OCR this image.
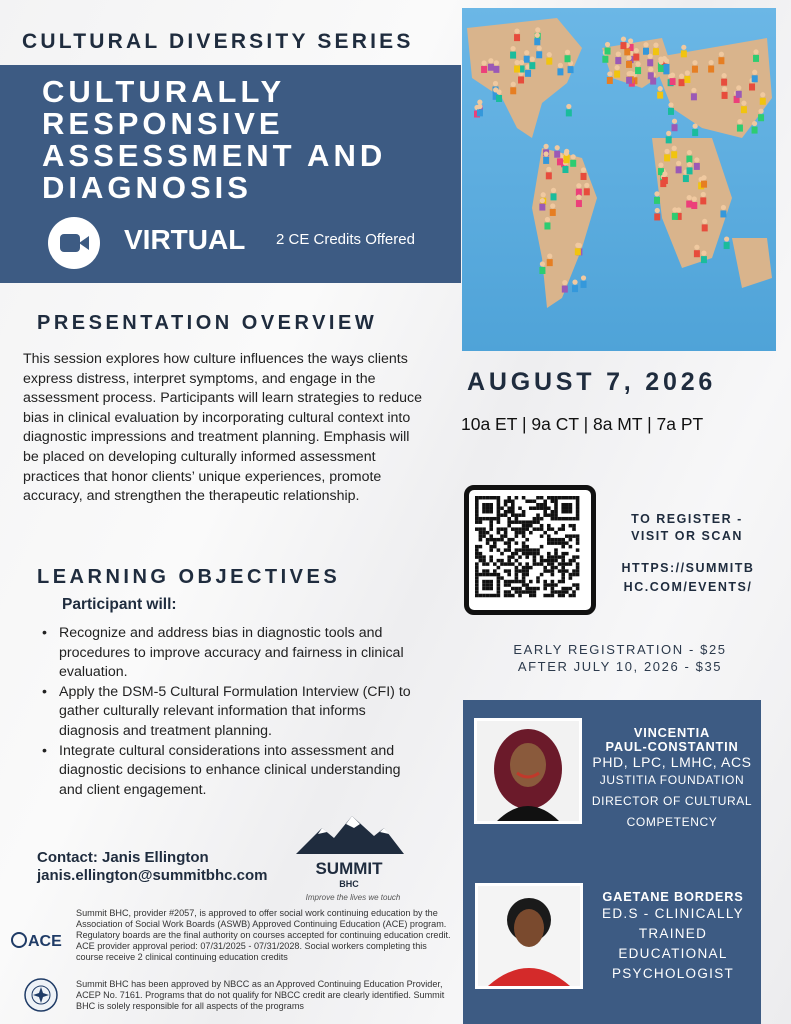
CULTURAL DIVERSITY SERIES
CULTURALLY
RESPONSIVE
ASSESSMENT AND
DIAGNOSIS
VIRTUAL 2 CE Credits Offered
PRESENTATION OVERVIEW
This session explores how culture influences the ways clients express distress, interpret symptoms, and engage in the assessment process. Participants will learn strategies to reduce bias in clinical evaluation by incorporating cultural context into diagnostic impressions and treatment planning. Emphasis will be placed on developing culturally informed assessment practices that honor clients’ unique experiences, promote accuracy, and strengthen the therapeutic relationship.
LEARNING OBJECTIVES
Participant will:
• Recognize and address bias in diagnostic tools and procedures to improve accuracy and fairness in clinical evaluation.
• Apply the DSM-5 Cultural Formulation Interview (CFI) to gather culturally relevant information that informs diagnosis and treatment planning.
• Integrate cultural considerations into assessment and diagnostic decisions to enhance clinical understanding and client engagement.
AUGUST 7, 2026
10a ET | 9a CT | 8a MT | 7a PT
TO REGISTER -
VISIT OR SCAN
HTTPS://SUMMITB
HC.COM/EVENTS/
EARLY REGISTRATION - $25
AFTER JULY 10, 2026 - $35
VINCENTIA
PAUL-CONSTANTIN
PHD, LPC, LMHC, ACS
JUSTITIA FOUNDATION
DIRECTOR OF CULTURAL
COMPETENCY
GAETANE BORDERS
ED.S - CLINICALLY
TRAINED
EDUCATIONAL
PSYCHOLOGIST
Contact: Janis Ellington
janis.ellington@summitbhc.com	SUMMIT
BHC
Improve the lives we touch
ACE
Summit BHC, provider #2057, is approved to offer social work continuing education by the Association of Social Work Boards (ASWB) Approved Continuing Education (ACE) program. Regulatory boards are the final authority on courses accepted for continuing education credit. ACE provider approval period: 07/31/2025 - 07/31/2028. Social workers completing this course receive 2 clinical continuing education credits
Summit BHC has been approved by NBCC as an Approved Continuing Education Provider, ACEP No. 7161. Programs that do not qualify for NBCC credit are clearly identified. Summit BHC is solely responsible for all aspects of the programs
